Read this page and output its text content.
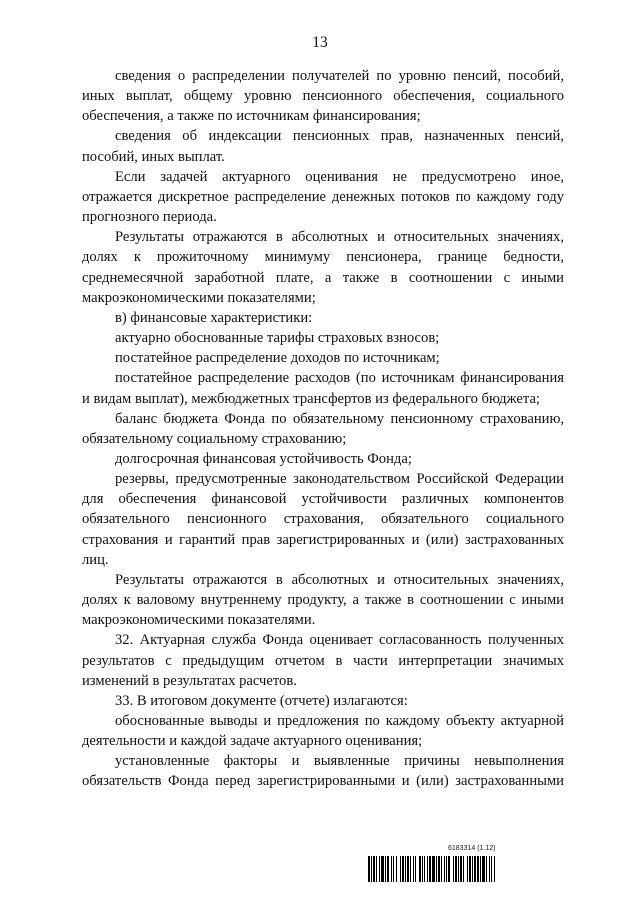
13

сведения о распределении получателей по уровню пенсий, пособий, иных выплат, общему уровню пенсионного обеспечения, социального обеспечения, а также по источникам финансирования;

сведения об индексации пенсионных прав, назначенных пенсий, пособий, иных выплат.

Если задачей актуарного оценивания не предусмотрено иное, отражается дискретное распределение денежных потоков по каждому году прогнозного периода.

Результаты отражаются в абсолютных и относительных значениях, долях к прожиточному минимуму пенсионера, границе бедности, среднемесячной заработной плате, а также в соотношении с иными макроэкономическими показателями;

в) финансовые характеристики:

актуарно обоснованные тарифы страховых взносов;

постатейное распределение доходов по источникам;

постатейное распределение расходов (по источникам финансирования и видам выплат), межбюджетных трансфертов из федерального бюджета;

баланс бюджета Фонда по обязательному пенсионному страхованию, обязательному социальному страхованию;

долгосрочная финансовая устойчивость Фонда;

резервы, предусмотренные законодательством Российской Федерации для обеспечения финансовой устойчивости различных компонентов обязательного пенсионного страхования, обязательного социального страхования и гарантий прав зарегистрированных и (или) застрахованных лиц.

Результаты отражаются в абсолютных и относительных значениях, долях к валовому внутреннему продукту, а также в соотношении с иными макроэкономическими показателями.

32. Актуарная служба Фонда оценивает согласованность полученных результатов с предыдущим отчетом в части интерпретации значимых изменений в результатах расчетов.

33. В итоговом документе (отчете) излагаются:

обоснованные выводы и предложения по каждому объекту актуарной деятельности и каждой задаче актуарного оценивания;

установленные факторы и выявленные причины невыполнения обязательств Фонда перед зарегистрированными и (или) застрахованными

6183314 (1.12)
